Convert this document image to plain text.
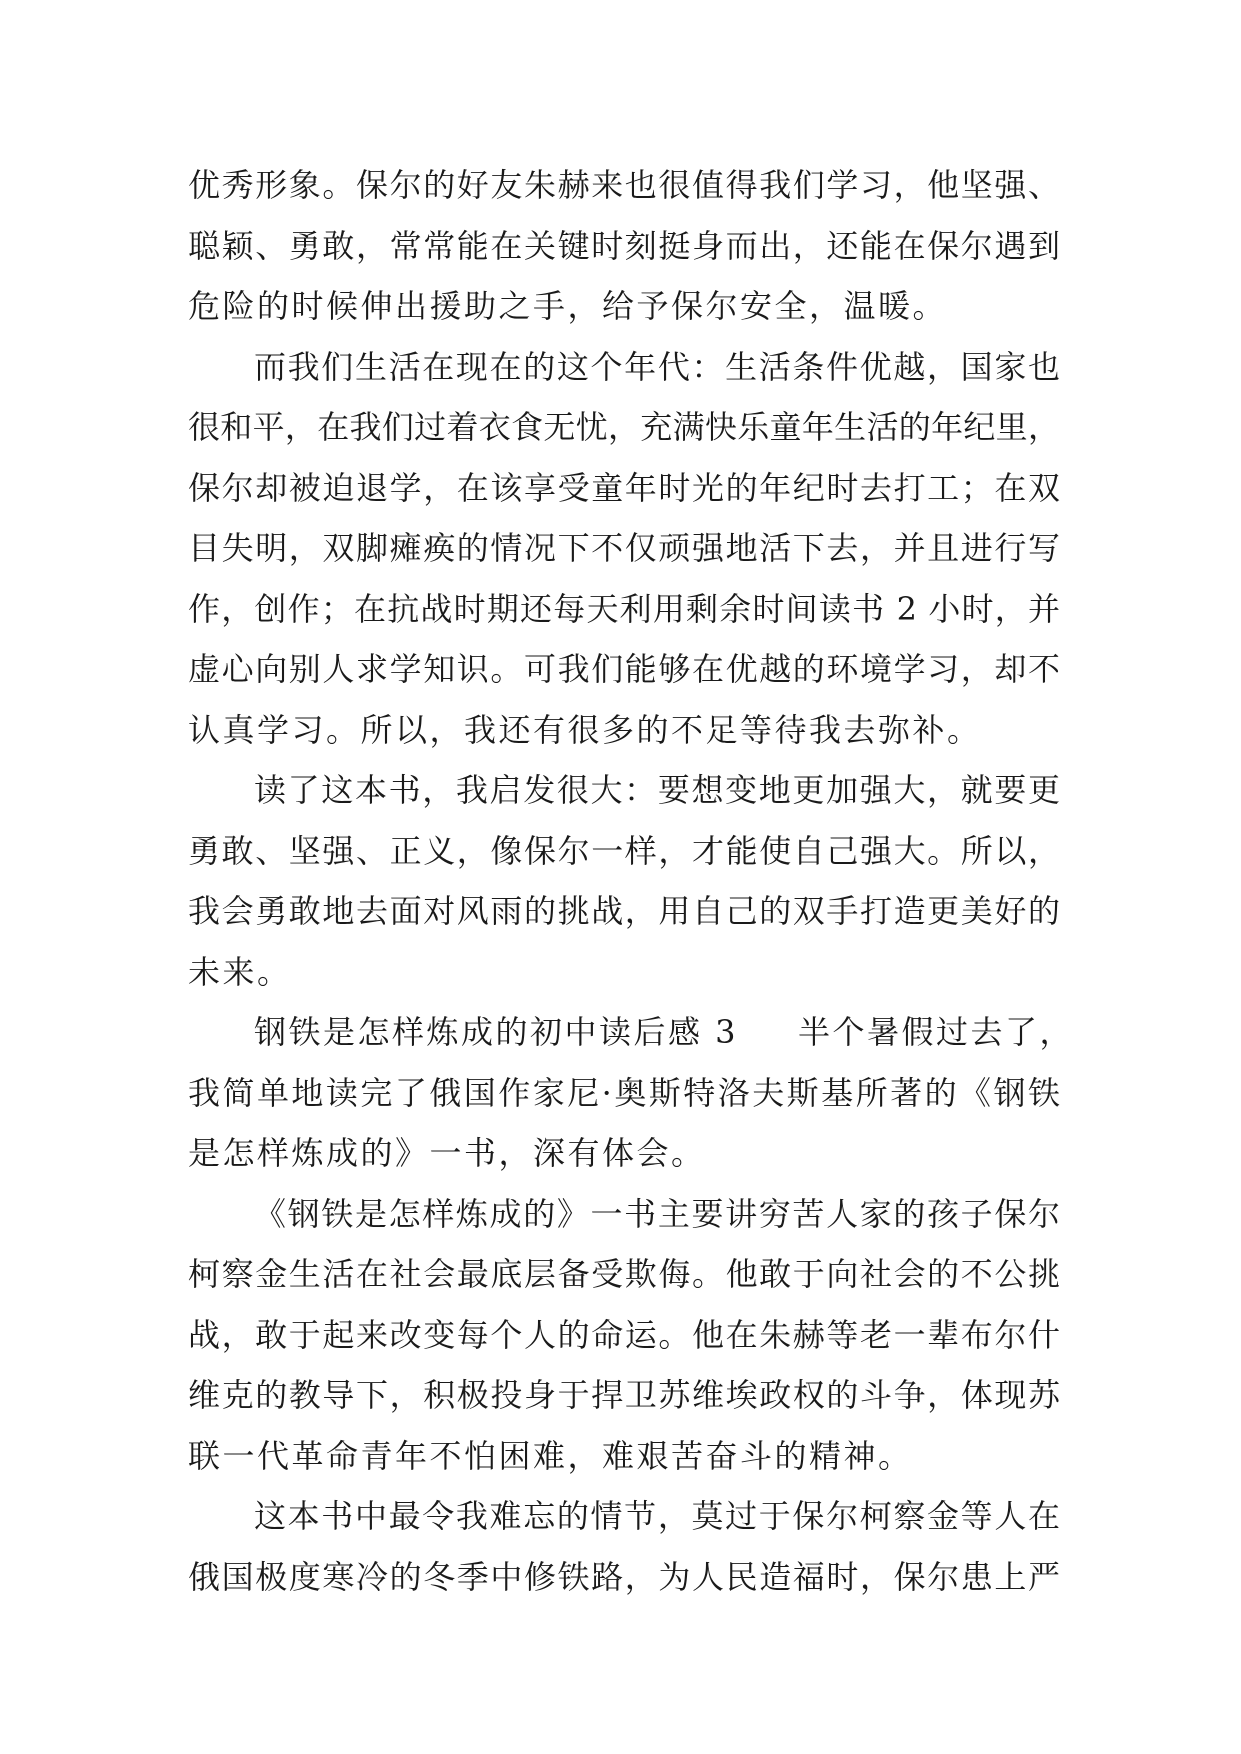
优秀形象。保尔的好友朱赫来也很值得我们学习，他坚强、
聪颖、勇敢，常常能在关键时刻挺身而出，还能在保尔遇到
危险的时候伸出援助之手，给予保尔安全，温暖。
而我们生活在现在的这个年代：生活条件优越，国家也
很和平，在我们过着衣食无忧，充满快乐童年生活的年纪里，
保尔却被迫退学，在该享受童年时光的年纪时去打工；在双
目失明，双脚瘫痪的情况下不仅顽强地活下去，并且进行写
作，创作；在抗战时期还每天利用剩余时间读书 2 小时，并
虚心向别人求学知识。可我们能够在优越的环境学习，却不
认真学习。所以，我还有很多的不足等待我去弥补。
读了这本书，我启发很大：要想变地更加强大，就要更
勇敢、坚强、正义，像保尔一样，才能使自己强大。所以，
我会勇敢地去面对风雨的挑战，用自己的双手打造更美好的
未来。
钢铁是怎样炼成的初中读后感 3 半个暑假过去了，
我简单地读完了俄国作家尼·奥斯特洛夫斯基所著的《钢铁
是怎样炼成的》一书，深有体会。
《钢铁是怎样炼成的》一书主要讲穷苦人家的孩子保尔
柯察金生活在社会最底层备受欺侮。他敢于向社会的不公挑
战，敢于起来改变每个人的命运。他在朱赫等老一辈布尔什
维克的教导下，积极投身于捍卫苏维埃政权的斗争，体现苏
联一代革命青年不怕困难，难艰苦奋斗的精神。
这本书中最令我难忘的情节，莫过于保尔柯察金等人在
俄国极度寒冷的冬季中修铁路，为人民造福时，保尔患上严
